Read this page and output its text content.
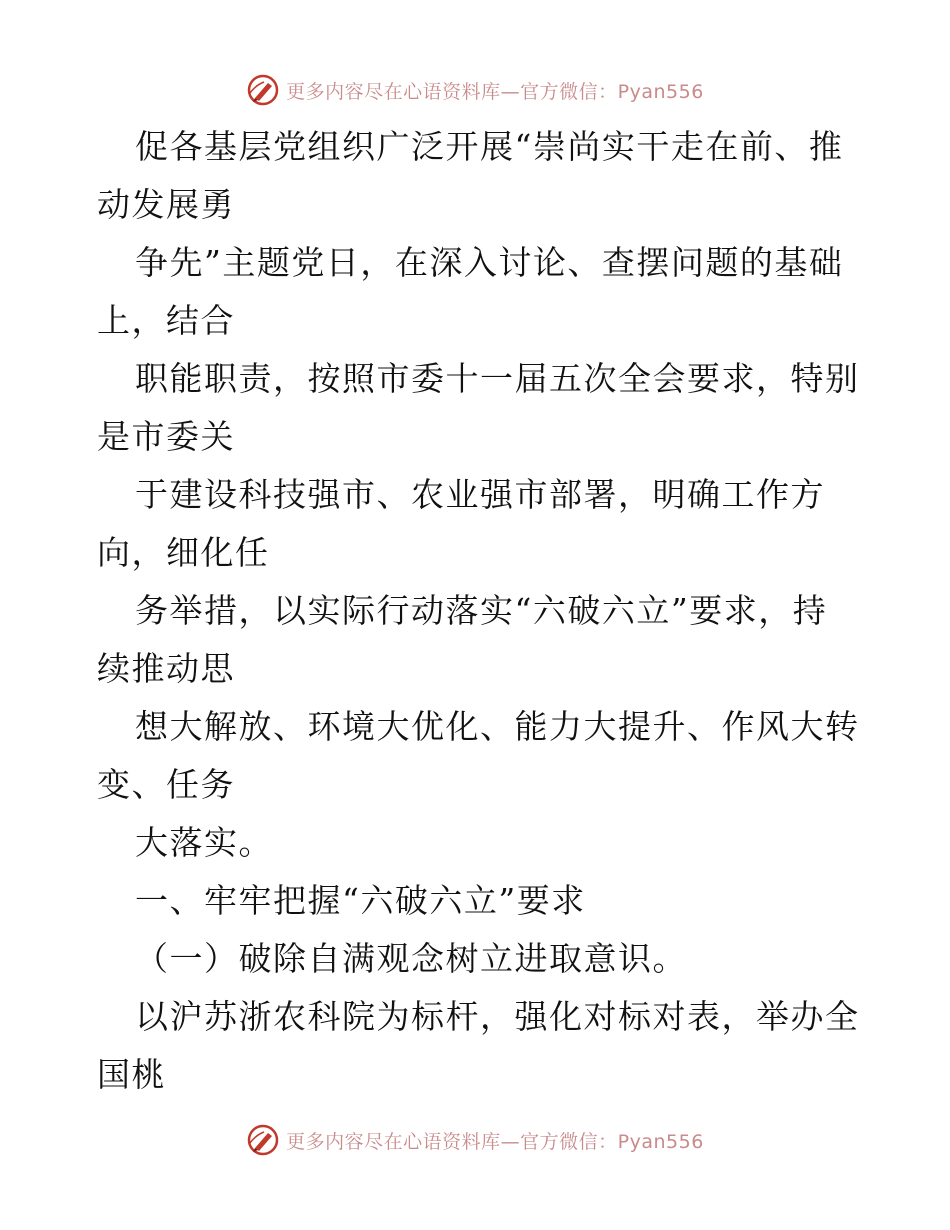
更多内容尽在心语资料库—官方微信：Pyan556
促各基层党组织广泛开展“崇尚实干走在前、推
动发展勇
争先”主题党日，在深入讨论、查摆问题的基础
上，结合
职能职责，按照市委十一届五次全会要求，特别
是市委关
于建设科技强市、农业强市部署，明确工作方
向，细化任
务举措，以实际行动落实“六破六立”要求，持
续推动思
想大解放、环境大优化、能力大提升、作风大转
变、任务
大落实。
一、牢牢把握“六破六立”要求
（一）破除自满观念树立进取意识。
以沪苏浙农科院为标杆，强化对标对表，举办全
国桃
更多内容尽在心语资料库—官方微信：Pyan556
